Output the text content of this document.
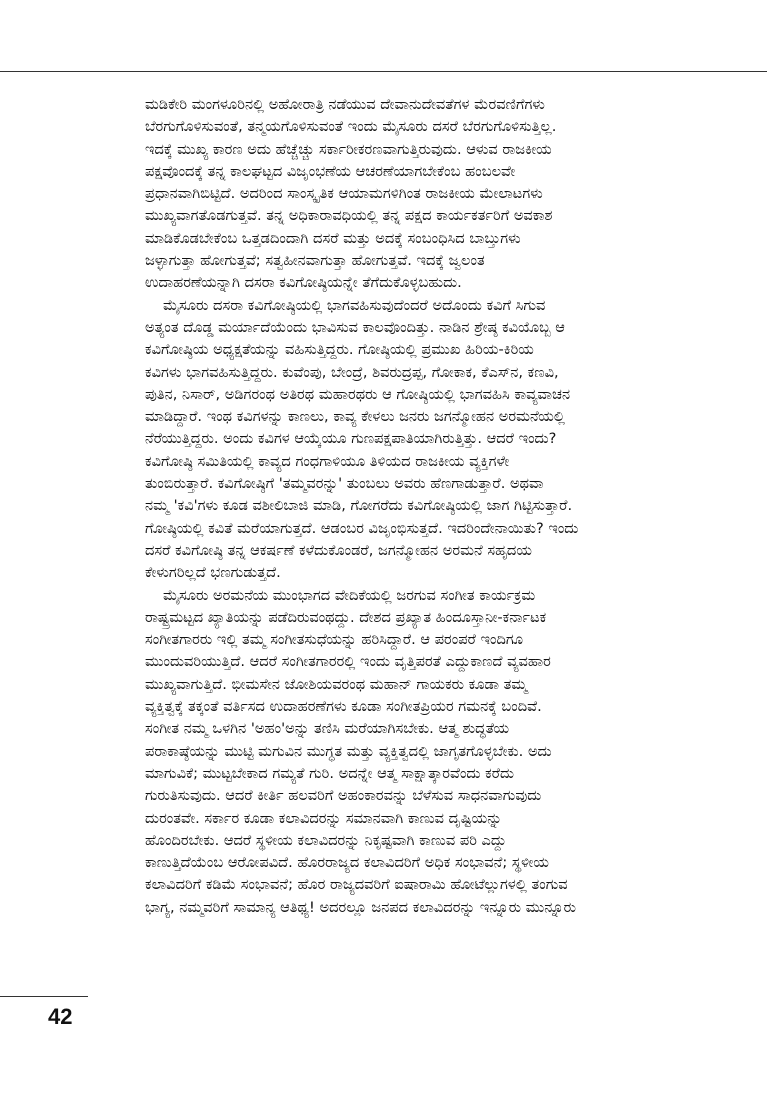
ಮಡಿಕೇರಿ ಮಂಗಳೂರಿನಲ್ಲಿ ಅಹೋರಾತ್ರಿ ನಡೆಯುವ ದೇವಾನುದೇವತೆಗಳ ಮೆರವಣಿಗೆಗಳು
ಬೆರಗುಗೊಳಿಸುವಂತೆ, ತನ್ಮಯಗೊಳಿಸುವಂತೆ ಇಂದು ಮೈಸೂರು ದಸರೆ ಬೆರಗುಗೊಳಿಸುತ್ತಿಲ್ಲ.
ಇದಕ್ಕೆ ಮುಖ್ಯ ಕಾರಣ ಅದು ಹೆಚ್ಚೆಚ್ಚು ಸರ್ಕಾರೀಕರಣವಾಗುತ್ತಿರುವುದು. ಆಳುವ ರಾಜಕೀಯ
ಪಕ್ಷವೊಂದಕ್ಕೆ ತನ್ನ ಕಾಲಘಟ್ಟದ ವಿಜೃಂಭಣೆಯ ಆಚರಣೆಯಾಗಬೇಕೆಂಬ ಹಂಬಲವೇ
ಪ್ರಧಾನವಾಗಿಬಿಟ್ಟಿದೆ. ಅದರಿಂದ ಸಾಂಸ್ಕೃತಿಕ ಆಯಾಮಗಳಿಗಿಂತ ರಾಜಕೀಯ ಮೇಲಾಟಗಳು
ಮುಖ್ಯವಾಗತೊಡಗುತ್ತವೆ. ತನ್ನ ಅಧಿಕಾರಾವಧಿಯಲ್ಲಿ ತನ್ನ ಪಕ್ಷದ ಕಾರ್ಯಕರ್ತರಿಗೆ ಅವಕಾಶ
ಮಾಡಿಕೊಡಬೇಕೆಂಬ ಒತ್ತಡದಿಂದಾಗಿ ದಸರೆ ಮತ್ತು ಅದಕ್ಕೆ ಸಂಬಂಧಿಸಿದ ಬಾಬ್ತುಗಳು
ಜಳ್ಳಾಗುತ್ತಾ ಹೋಗುತ್ತವೆ; ಸತ್ವಹೀನವಾಗುತ್ತಾ ಹೋಗುತ್ತವೆ. ಇದಕ್ಕೆ ಜ್ವಲಂತ
ಉದಾಹರಣೆಯನ್ನಾಗಿ ದಸರಾ ಕವಿಗೋಷ್ಠಿಯನ್ನೇ ತೆಗೆದುಕೊಳ್ಳಬಹುದು.
ಮೈಸೂರು ದಸರಾ ಕವಿಗೋಷ್ಠಿಯಲ್ಲಿ ಭಾಗವಹಿಸುವುದೆಂದರೆ ಅದೊಂದು ಕವಿಗೆ ಸಿಗುವ
ಅತ್ಯಂತ ದೊಡ್ಡ ಮರ್ಯಾದೆಯೆಂದು ಭಾವಿಸುವ ಕಾಲವೊಂದಿತ್ತು. ನಾಡಿನ ಶ್ರೇಷ್ಠ ಕವಿಯೊಬ್ಬ ಆ
ಕವಿಗೋಷ್ಠಿಯ ಅಧ್ಯಕ್ಷತೆಯನ್ನು ವಹಿಸುತ್ತಿದ್ದರು. ಗೋಷ್ಠಿಯಲ್ಲಿ ಪ್ರಮುಖ ಹಿರಿಯ-ಕಿರಿಯ
ಕವಿಗಳು ಭಾಗವಹಿಸುತ್ತಿದ್ದರು. ಕುವೆಂಪು, ಬೇಂದ್ರೆ, ಶಿವರುದ್ರಪ್ಪ, ಗೋಕಾಕ, ಕೆಎಸ್‌ನ, ಕಣವಿ,
ಪುತಿನ, ನಿಸಾರ್, ಅಡಿಗರಂಥ ಅತಿರಥ ಮಹಾರಥರು ಆ ಗೋಷ್ಠಿಯಲ್ಲಿ ಭಾಗವಹಿಸಿ ಕಾವ್ಯವಾಚನ
ಮಾಡಿದ್ದಾರೆ. ಇಂಥ ಕವಿಗಳನ್ನು ಕಾಣಲು, ಕಾವ್ಯ ಕೇಳಲು ಜನರು ಜಗನ್ಮೋಹನ ಅರಮನೆಯಲ್ಲಿ
ನೆರೆಯುತ್ತಿದ್ದರು. ಅಂದು ಕವಿಗಳ ಆಯ್ಕೆಯೂ ಗುಣಪಕ್ಷಪಾತಿಯಾಗಿರುತ್ತಿತ್ತು. ಆದರೆ ಇಂದು?
ಕವಿಗೋಷ್ಠಿ ಸಮಿತಿಯಲ್ಲಿ ಕಾವ್ಯದ ಗಂಧಗಾಳಿಯೂ ತಿಳಿಯದ ರಾಜಕೀಯ ವ್ಯಕ್ತಿಗಳೇ
ತುಂಬಿರುತ್ತಾರೆ. ಕವಿಗೋಷ್ಠಿಗೆ 'ತಮ್ಮವರನ್ನು' ತುಂಬಲು ಅವರು ಹೆಣಗಾಡುತ್ತಾರೆ. ಅಥವಾ
ನಮ್ಮ 'ಕವಿ'ಗಳು ಕೂಡ ವಶೀಲಿಬಾಜಿ ಮಾಡಿ, ಗೋಗರೆದು ಕವಿಗೋಷ್ಠಿಯಲ್ಲಿ ಜಾಗ ಗಿಟ್ಟಿಸುತ್ತಾರೆ.
ಗೋಷ್ಠಿಯಲ್ಲಿ ಕವಿತೆ ಮರೆಯಾಗುತ್ತದೆ. ಆಡಂಬರ ವಿಜೃಂಭಿಸುತ್ತದೆ. ಇದರಿಂದೇನಾಯಿತು? ಇಂದು
ದಸರೆ ಕವಿಗೋಷ್ಠಿ ತನ್ನ ಆಕರ್ಷಣೆ ಕಳೆದುಕೊಂಡರೆ, ಜಗನ್ಮೋಹನ ಅರಮನೆ ಸಹೃದಯ
ಕೇಳುಗರಿಲ್ಲದೆ ಭಣಗುಡುತ್ತದೆ.
ಮೈಸೂರು ಅರಮನೆಯ ಮುಂಭಾಗದ ವೇದಿಕೆಯಲ್ಲಿ ಜರಗುವ ಸಂಗೀತ ಕಾರ್ಯಕ್ರಮ
ರಾಷ್ಟ್ರಮಟ್ಟದ ಖ್ಯಾತಿಯನ್ನು ಪಡೆದಿರುವಂಥದ್ದು. ದೇಶದ ಪ್ರಖ್ಯಾತ ಹಿಂದೂಸ್ತಾನೀ-ಕರ್ನಾಟಕ
ಸಂಗೀತಗಾರರು ಇಲ್ಲಿ ತಮ್ಮ ಸಂಗೀತಸುಧೆಯನ್ನು ಹರಿಸಿದ್ದಾರೆ. ಆ ಪರಂಪರೆ ಇಂದಿಗೂ
ಮುಂದುವರಿಯುತ್ತಿದೆ. ಆದರೆ ಸಂಗೀತಗಾರರಲ್ಲಿ ಇಂದು ವೃತ್ತಿಪರತೆ ಎದ್ದುಕಾಣದೆ ವ್ಯವಹಾರ
ಮುಖ್ಯವಾಗುತ್ತಿದೆ. ಭೀಮಸೇನ ಜೋಶಿಯವರಂಥ ಮಹಾನ್ ಗಾಯಕರು ಕೂಡಾ ತಮ್ಮ
ವ್ಯಕ್ತಿತ್ವಕ್ಕೆ ತಕ್ಕಂತೆ ವರ್ತಿಸದ ಉದಾಹರಣೆಗಳು ಕೂಡಾ ಸಂಗೀತಪ್ರಿಯರ ಗಮನಕ್ಕೆ ಬಂದಿವೆ.
ಸಂಗೀತ ನಮ್ಮ ಒಳಗಿನ 'ಅಹಂ'ಅನ್ನು ತಣಿಸಿ ಮರೆಯಾಗಿಸಬೇಕು. ಆತ್ಮ ಶುದ್ಧತೆಯ
ಪರಾಕಾಷ್ಠೆಯನ್ನು ಮುಟ್ಟಿ ಮಗುವಿನ ಮುಗ್ಧತ ಮತ್ತು ವ್ಯಕ್ತಿತ್ವದಲ್ಲಿ ಜಾಗೃತಗೊಳ್ಳಬೇಕು. ಅದು
ಮಾಗುವಿಕೆ; ಮುಟ್ಟಬೇಕಾದ ಗಮ್ಯತೆ ಗುರಿ. ಅದನ್ನೇ ಆತ್ಮ ಸಾಕ್ಷಾತ್ಕಾರವೆಂದು ಕರೆದು
ಗುರುತಿಸುವುದು. ಆದರೆ ಕೀರ್ತಿ ಹಲವರಿಗೆ ಅಹಂಕಾರವನ್ನು ಬೆಳೆಸುವ ಸಾಧನವಾಗುವುದು
ದುರಂತವೇ. ಸರ್ಕಾರ ಕೂಡಾ ಕಲಾವಿದರನ್ನು ಸಮಾನವಾಗಿ ಕಾಣುವ ದೃಷ್ಟಿಯನ್ನು
ಹೊಂದಿರಬೇಕು. ಆದರೆ ಸ್ಥಳೀಯ ಕಲಾವಿದರನ್ನು ನಿಕೃಷ್ಟವಾಗಿ ಕಾಣುವ ಪರಿ ಎದ್ದು
ಕಾಣುತ್ತಿದೆಯೆಂಬ ಆರೋಪವಿದೆ. ಹೊರರಾಜ್ಯದ ಕಲಾವಿದರಿಗೆ ಅಧಿಕ ಸಂಭಾವನೆ; ಸ್ಥಳೀಯ
ಕಲಾವಿದರಿಗೆ ಕಡಿಮೆ ಸಂಭಾವನೆ; ಹೊರ ರಾಜ್ಯದವರಿಗೆ ಐಷಾರಾಮಿ ಹೋಟೆಲ್ಲುಗಳಲ್ಲಿ ತಂಗುವ
ಭಾಗ್ಯ, ನಮ್ಮವರಿಗೆ ಸಾಮಾನ್ಯ ಆತಿಥ್ಯ! ಅದರಲ್ಲೂ ಜನಪದ ಕಲಾವಿದರನ್ನು ಇನ್ನೂರು ಮುನ್ನೂರು
42
